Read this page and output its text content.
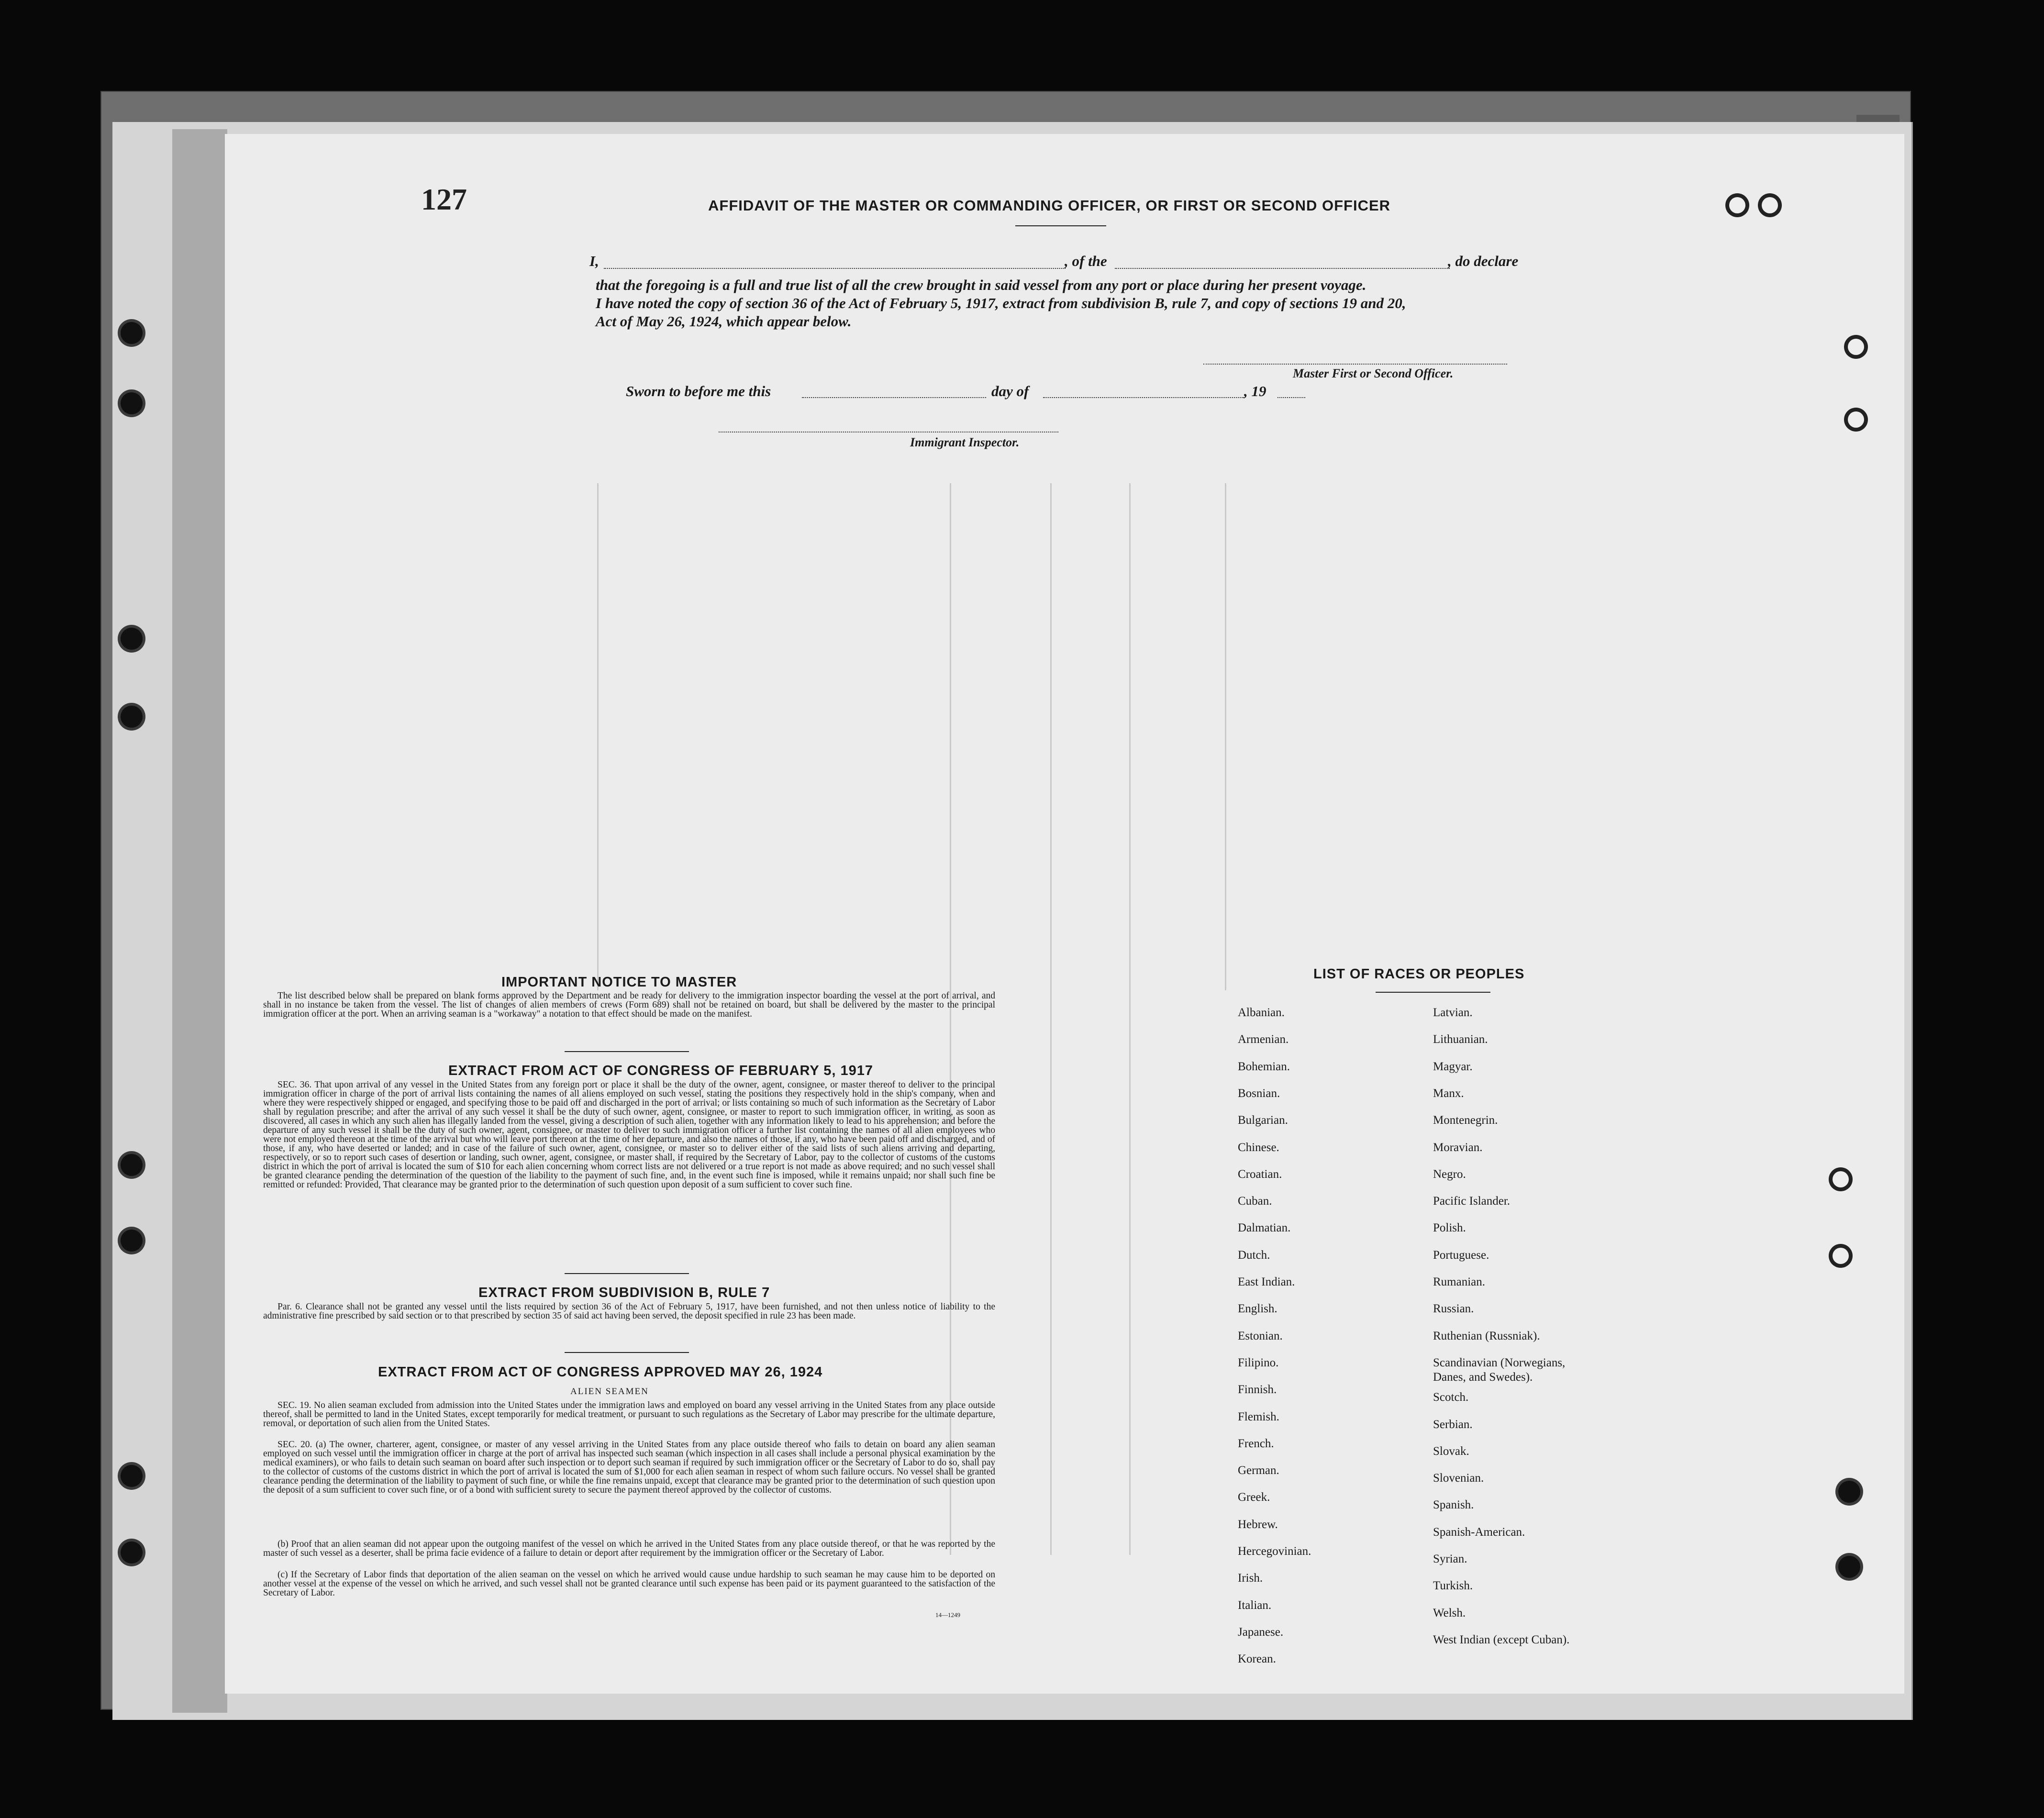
127	AFFIDAVIT OF THE MASTER OR COMMANDING OFFICER, OR FIRST OR SECOND OFFICER
I,	, of the	, do declare
that the foregoing is a full and true list of all the crew brought in said vessel from any port or place during her present voyage.
I have noted the copy of section 36 of the Act of February 5, 1917, extract from subdivision B, rule 7, and copy of sections 19 and 20,
Act of May 26, 1924, which appear below.
Master First or Second Officer.
Sworn to before me this	day of	, 19
Immigrant Inspector.
IMPORTANT NOTICE TO MASTER

The list described below shall be prepared on blank forms approved by the Department and be ready for delivery to the immigration inspector boarding the vessel at the port of arrival, and shall in no instance be taken from the vessel. The list of changes of alien members of crews (Form 689) shall not be retained on board, but shall be delivered by the master to the principal immigration officer at the port. When an arriving seaman is a "workaway" a notation to that effect should be made on the manifest.

EXTRACT FROM ACT OF CONGRESS OF FEBRUARY 5, 1917

SEC. 36. That upon arrival of any vessel in the United States from any foreign port or place it shall be the duty of the owner, agent, consignee, or master thereof to deliver to the principal immigration officer in charge of the port of arrival lists containing the names of all aliens employed on such vessel, stating the positions they respectively hold in the ship's company, when and where they were respectively shipped or engaged, and specifying those to be paid off and discharged in the port of arrival; or lists containing so much of such information as the Secretary of Labor shall by regulation prescribe; and after the arrival of any such vessel it shall be the duty of such owner, agent, consignee, or master to report to such immigration officer, in writing, as soon as discovered, all cases in which any such alien has illegally landed from the vessel, giving a description of such alien, together with any information likely to lead to his apprehension; and before the departure of any such vessel it shall be the duty of such owner, agent, consignee, or master to deliver to such immigration officer a further list containing the names of all alien employees who were not employed thereon at the time of the arrival but who will leave port thereon at the time of her departure, and also the names of those, if any, who have been paid off and discharged, and of those, if any, who have deserted or landed; and in case of the failure of such owner, agent, consignee, or master so to deliver either of the said lists of such aliens arriving and departing, respectively, or so to report such cases of desertion or landing, such owner, agent, consignee, or master shall, if required by the Secretary of Labor, pay to the collector of customs of the customs district in which the port of arrival is located the sum of $10 for each alien concerning whom correct lists are not delivered or a true report is not made as above required; and no such vessel shall be granted clearance pending the determination of the question of the liability to the payment of such fine, and, in the event such fine is imposed, while it remains unpaid; nor shall such fine be remitted or refunded: Provided, That clearance may be granted prior to the determination of such question upon deposit of a sum sufficient to cover such fine.

EXTRACT FROM SUBDIVISION B, RULE 7

Par. 6. Clearance shall not be granted any vessel until the lists required by section 36 of the Act of February 5, 1917, have been furnished, and not then unless notice of liability to the administrative fine prescribed by said section or to that prescribed by section 35 of said act having been served, the deposit specified in rule 23 has been made.

EXTRACT FROM ACT OF CONGRESS APPROVED MAY 26, 1924
ALIEN SEAMEN

SEC. 19. No alien seaman excluded from admission into the United States under the immigration laws and employed on board any vessel arriving in the United States from any place outside thereof, shall be permitted to land in the United States, except temporarily for medical treatment, or pursuant to such regulations as the Secretary of Labor may prescribe for the ultimate departure, removal, or deportation of such alien from the United States.

SEC. 20. (a) The owner, charterer, agent, consignee, or master of any vessel arriving in the United States from any place outside thereof who fails to detain on board any alien seaman employed on such vessel until the immigration officer in charge at the port of arrival has inspected such seaman (which inspection in all cases shall include a personal physical examination by the medical examiners), or who fails to detain such seaman on board after such inspection or to deport such seaman if required by such immigration officer or the Secretary of Labor to do so, shall pay to the collector of customs of the customs district in which the port of arrival is located the sum of $1,000 for each alien seaman in respect of whom such failure occurs. No vessel shall be granted clearance pending the determination of the liability to payment of such fine, or while the fine remains unpaid, except that clearance may be granted prior to the determination of such question upon the deposit of a sum sufficient to cover such fine, or of a bond with sufficient surety to secure the payment thereof approved by the collector of customs.

(b) Proof that an alien seaman did not appear upon the outgoing manifest of the vessel on which he arrived in the United States from any place outside thereof, or that he was reported by the master of such vessel as a deserter, shall be prima facie evidence of a failure to detain or deport after requirement by the immigration officer or the Secretary of Labor.

(c) If the Secretary of Labor finds that deportation of the alien seaman on the vessel on which he arrived would cause undue hardship to such seaman he may cause him to be deported on another vessel at the expense of the vessel on which he arrived, and such vessel shall not be granted clearance until such expense has been paid or its payment guaranteed to the satisfaction of the Secretary of Labor.

14—1249
LIST OF RACES OR PEOPLES
Albanian.
Armenian.
Bohemian.
Bosnian.
Bulgarian.
Chinese.
Croatian.
Cuban.
Dalmatian.
Dutch.
East Indian.
English.
Estonian.
Filipino.
Finnish.
Flemish.
French.
German.
Greek.
Hebrew.
Hercegovinian.
Irish.
Italian.
Japanese.
Korean.
Latvian.
Lithuanian.
Magyar.
Manx.
Montenegrin.
Moravian.
Negro.
Pacific Islander.
Polish.
Portuguese.
Rumanian.
Russian.
Ruthenian (Russniak).
Scandinavian (Norwegians,
Danes, and Swedes).
Scotch.
Serbian.
Slovak.
Slovenian.
Spanish.
Spanish-American.
Syrian.
Turkish.
Welsh.
West Indian (except Cuban).
